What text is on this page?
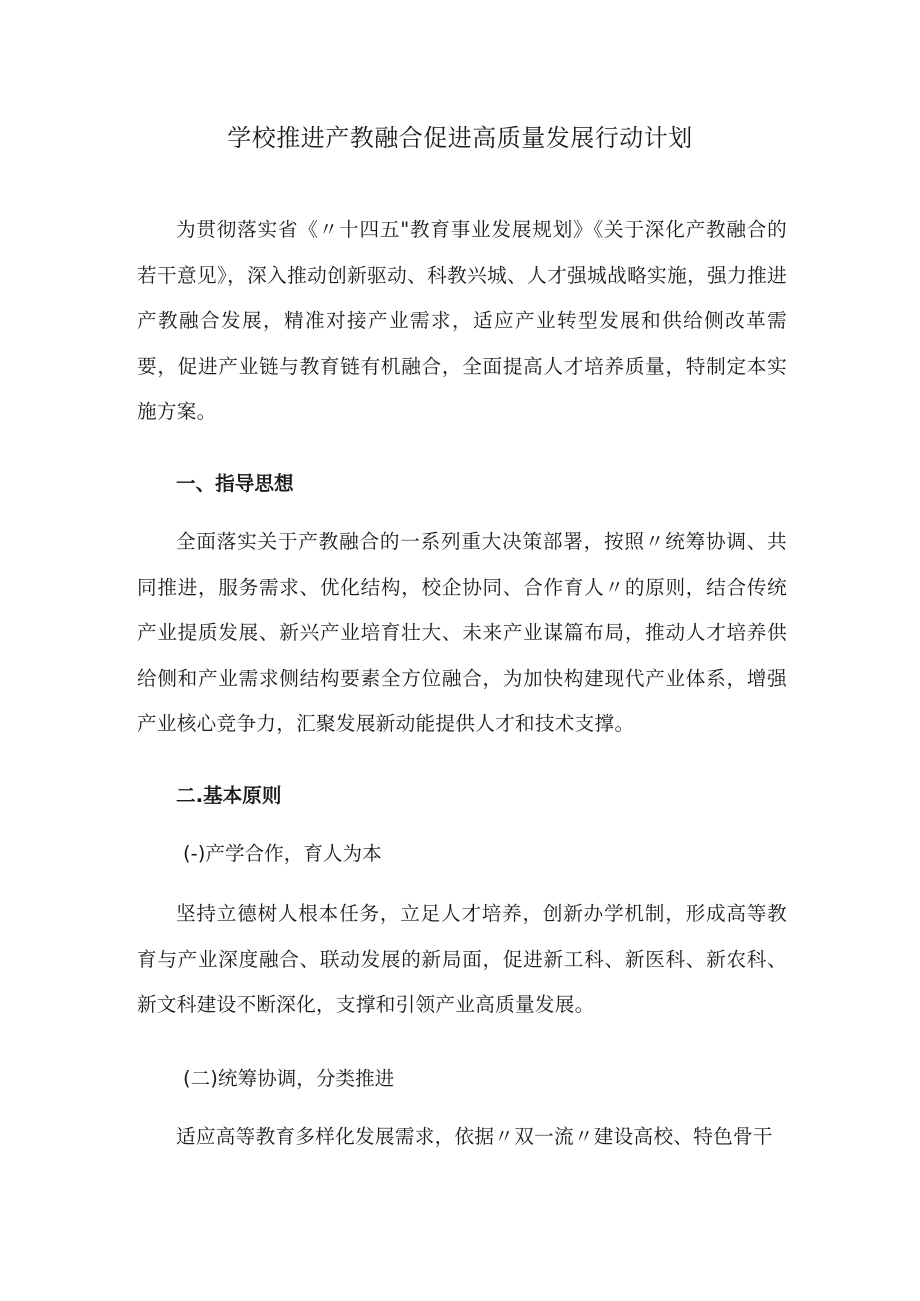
学校推进产教融合促进高质量发展行动计划

为贯彻落实省《〃十四五"教育事业发展规划》《关于深化产教融合的若干意见》，深入推动创新驱动、科教兴城、人才强城战略实施，强力推进产教融合发展，精准对接产业需求，适应产业转型发展和供给侧改革需要，促进产业链与教育链有机融合，全面提高人才培养质量，特制定本实施方案。

一、指导思想

全面落实关于产教融合的一系列重大决策部署，按照〃统筹协调、共同推进，服务需求、优化结构，校企协同、合作育人〃的原则，结合传统产业提质发展、新兴产业培育壮大、未来产业谋篇布局，推动人才培养供给侧和产业需求侧结构要素全方位融合，为加快构建现代产业体系，增强产业核心竞争力，汇聚发展新动能提供人才和技术支撑。

二.基本原则

(-)产学合作，育人为本

坚持立德树人根本任务，立足人才培养，创新办学机制，形成高等教育与产业深度融合、联动发展的新局面，促进新工科、新医科、新农科、新文科建设不断深化，支撑和引领产业高质量发展。

(二)统筹协调，分类推进

适应高等教育多样化发展需求，依据〃双一流〃建设高校、特色骨干
